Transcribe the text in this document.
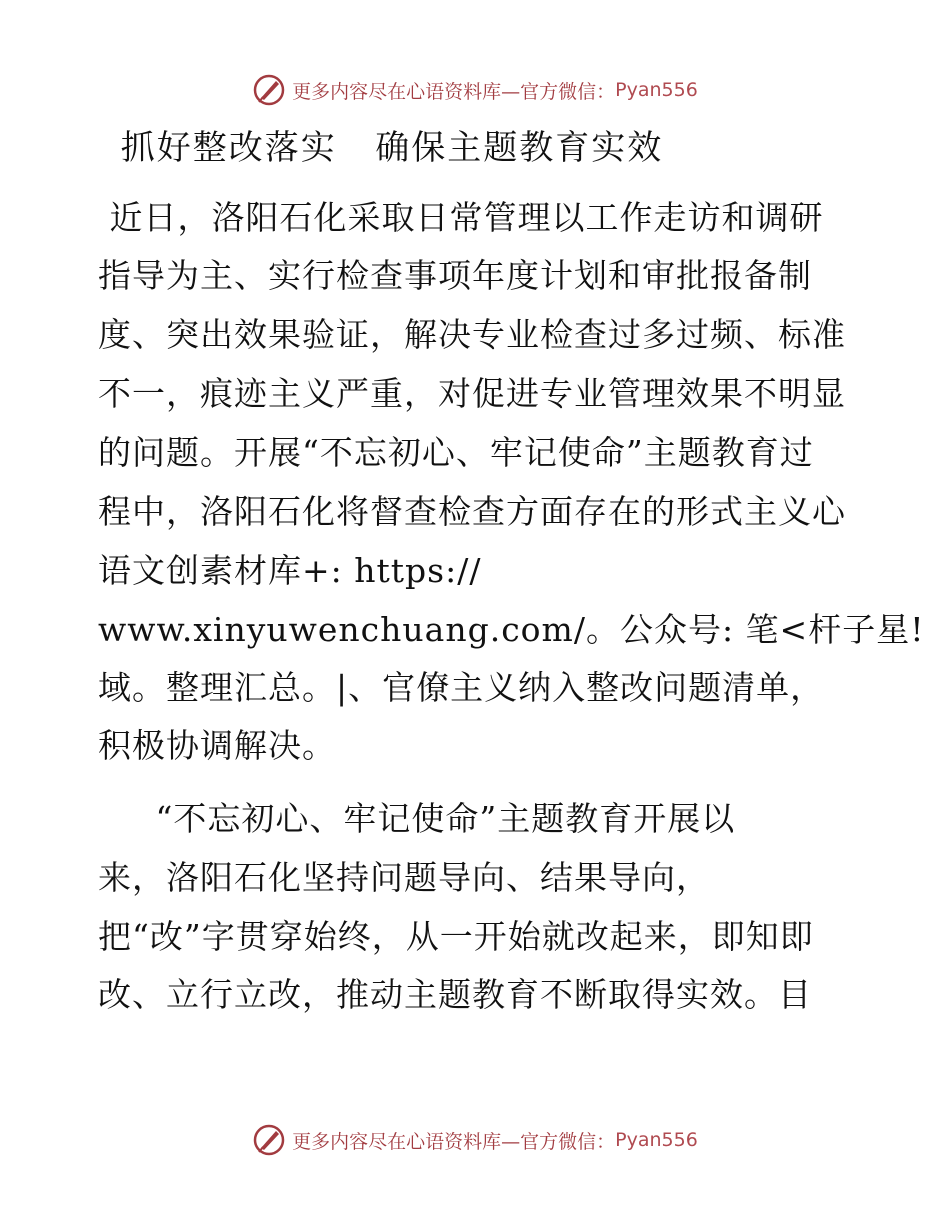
更多内容尽在心语资料库—官方微信： Pyan556
抓好整改落实   确保主题教育实效
近日，洛阳石化采取日常管理以工作走访和调研
指导为主、实行检查事项年度计划和审批报备制
度、突出效果验证，解决专业检查过多过频、标准
不一，痕迹主义严重，对促进专业管理效果不明显
的问题。开展“不忘初心、牢记使命”主题教育过
程中，洛阳石化将督查检查方面存在的形式主义心
语文创素材库+: https://
www.xinyuwenchuang.com/。公众号: 笔<杆子星!
域。整理汇总。|、官僚主义纳入整改问题清单，
积极协调解决。
“不忘初心、牢记使命”主题教育开展以
来，洛阳石化坚持问题导向、结果导向，
把“改”字贯穿始终，从一开始就改起来，即知即
改、立行立改，推动主题教育不断取得实效。目
更多内容尽在心语资料库—官方微信： Pyan556
